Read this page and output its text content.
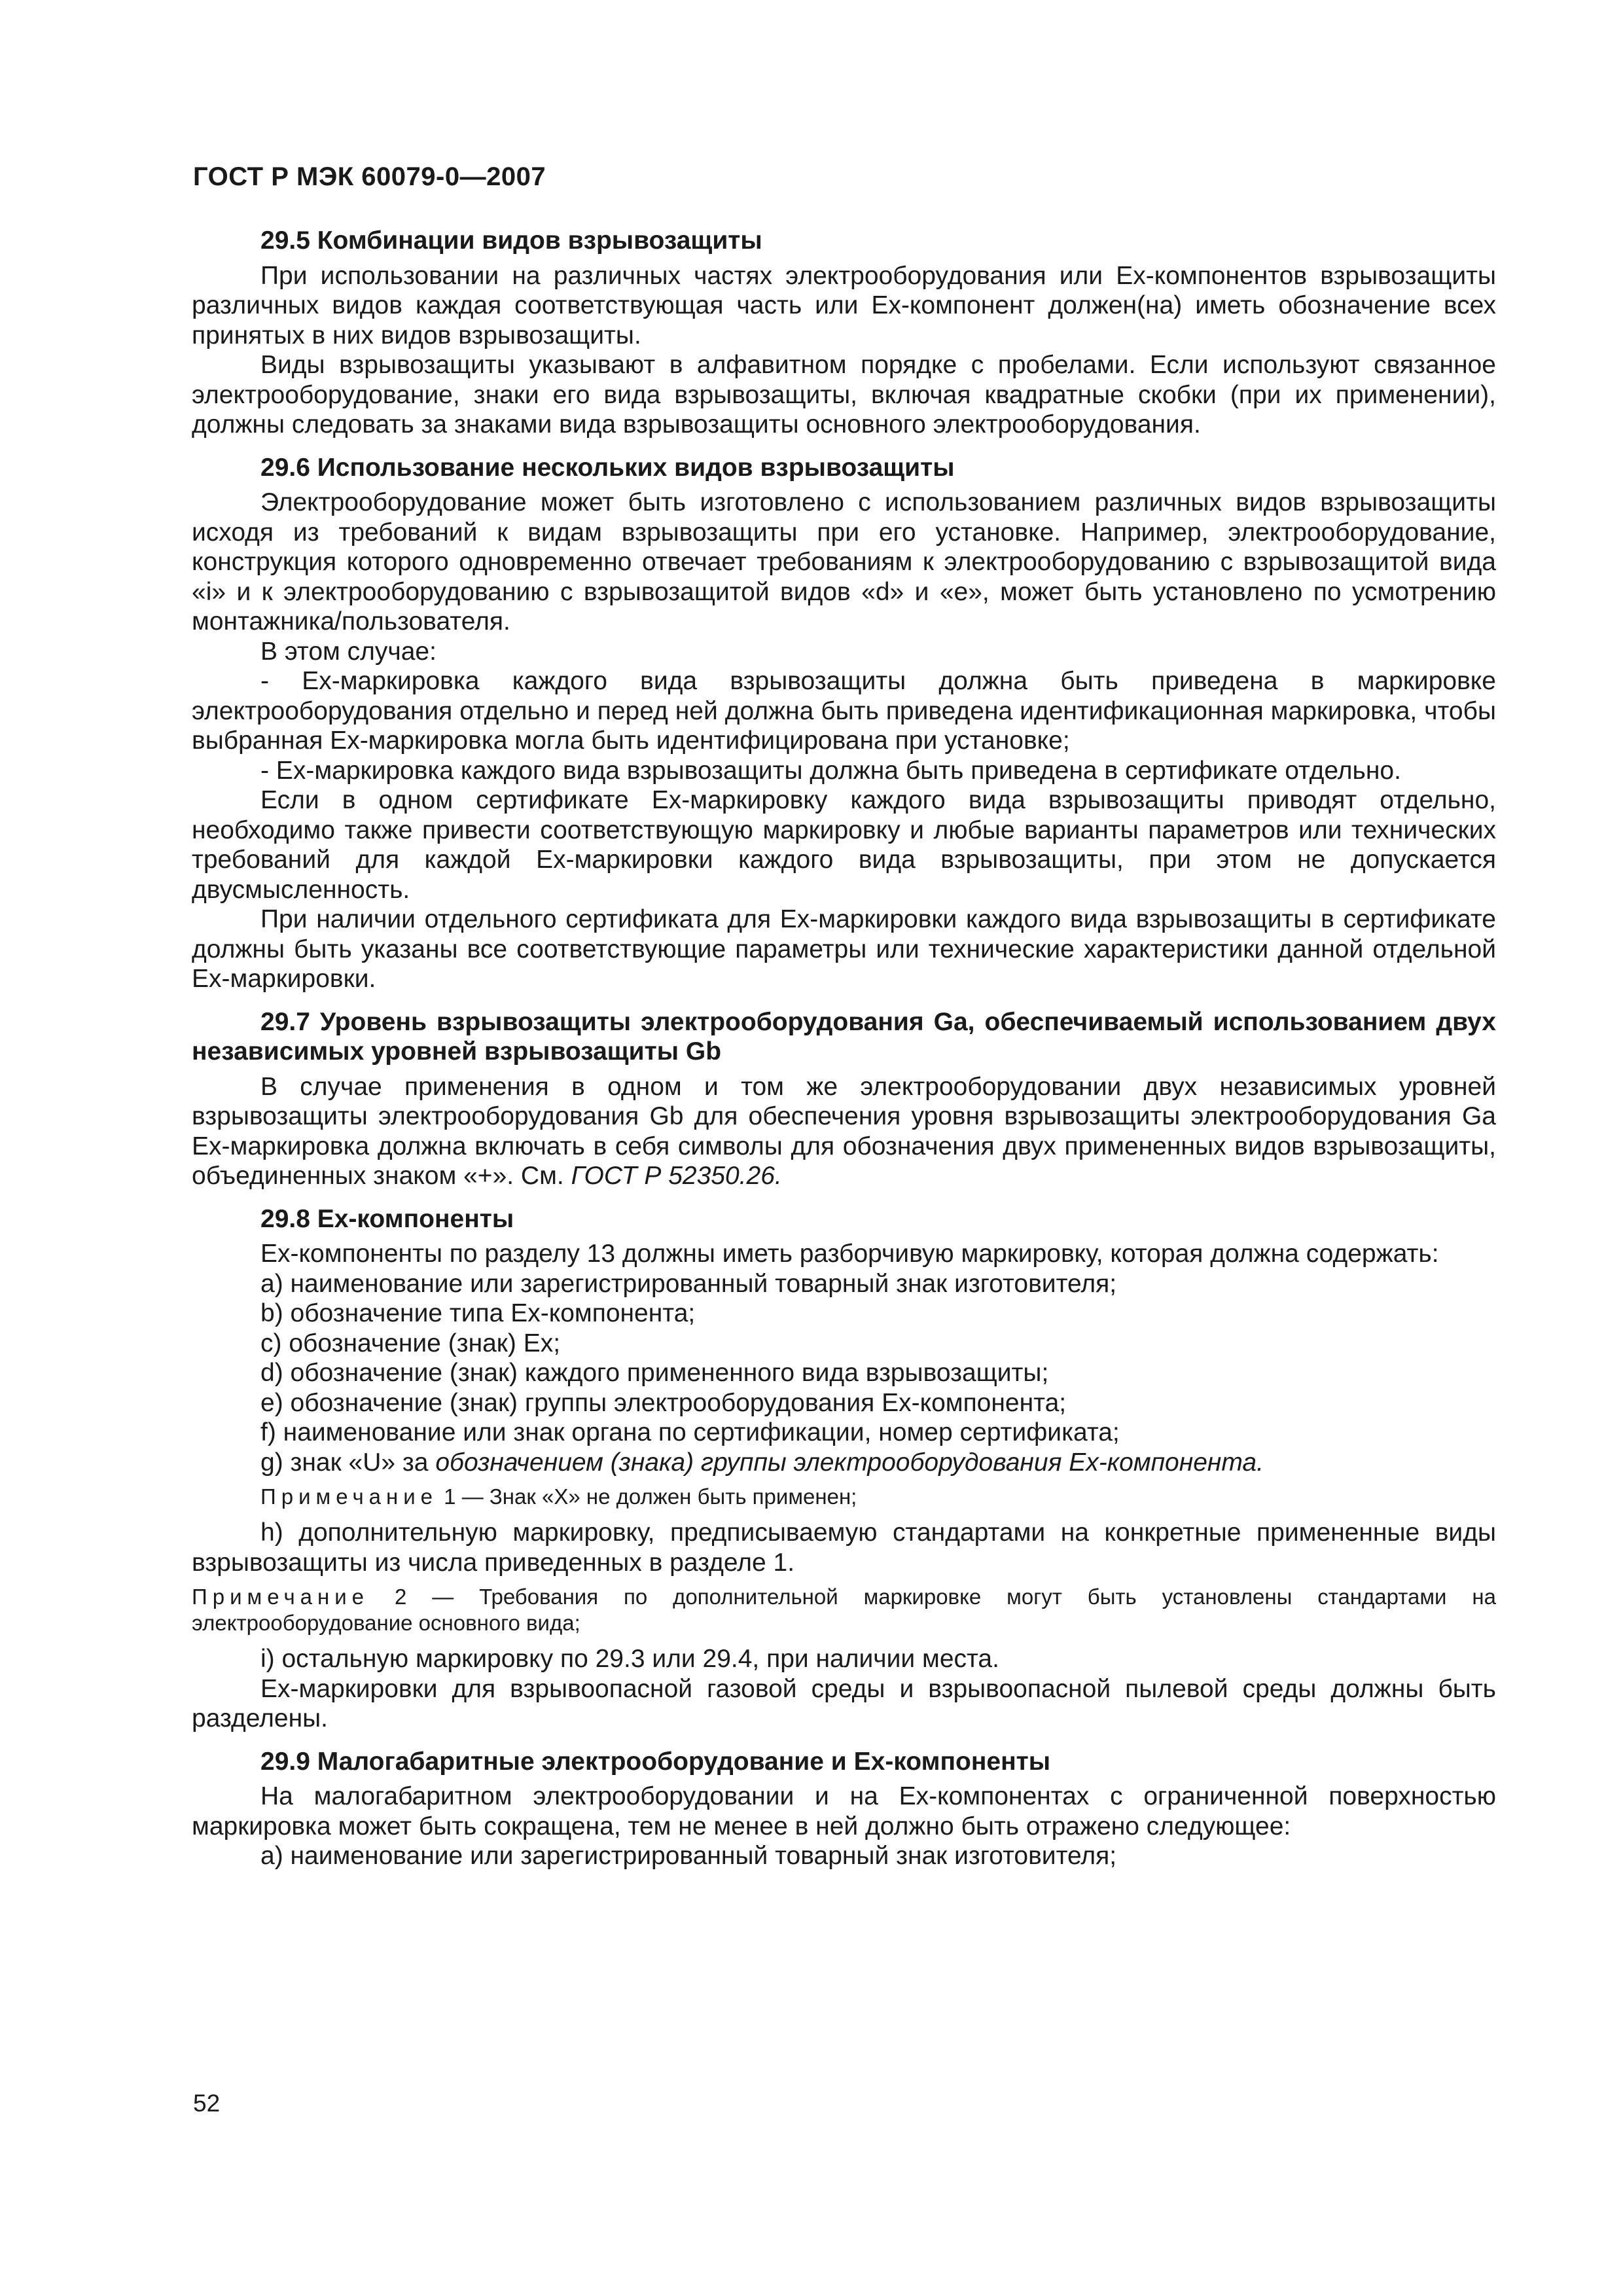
ГОСТ Р МЭК 60079-0—2007
29.5 Комбинации видов взрывозащиты

При использовании на различных частях электрооборудования или Ex-компонентов взрывозащиты различных видов каждая соответствующая часть или Ex-компонент должен(на) иметь обозначение всех принятых в них видов взрывозащиты.

Виды взрывозащиты указывают в алфавитном порядке с пробелами. Если используют связанное электрооборудование, знаки его вида взрывозащиты, включая квадратные скобки (при их применении), должны следовать за знаками вида взрывозащиты основного электрооборудования.

29.6 Использование нескольких видов взрывозащиты

Электрооборудование может быть изготовлено с использованием различных видов взрывозащиты исходя из требований к видам взрывозащиты при его установке. Например, электрооборудование, конструкция которого одновременно отвечает требованиям к электрооборудованию с взрывозащитой вида «i» и к электрооборудованию с взрывозащитой видов «d» и «e», может быть установлено по усмотрению монтажника/пользователя.

В этом случае:

- Ex-маркировка каждого вида взрывозащиты должна быть приведена в маркировке электрооборудования отдельно и перед ней должна быть приведена идентификационная маркировка, чтобы выбранная Ex-маркировка могла быть идентифицирована при установке;

- Ex-маркировка каждого вида взрывозащиты должна быть приведена в сертификате отдельно.

Если в одном сертификате Ex-маркировку каждого вида взрывозащиты приводят отдельно, необходимо также привести соответствующую маркировку и любые варианты параметров или технических требований для каждой Ex-маркировки каждого вида взрывозащиты, при этом не допускается двусмысленность.

При наличии отдельного сертификата для Ex-маркировки каждого вида взрывозащиты в сертификате должны быть указаны все соответствующие параметры или технические характеристики данной отдельной Ex-маркировки.

29.7 Уровень взрывозащиты электрооборудования Ga, обеспечиваемый использованием двух независимых уровней взрывозащиты Gb

В случае применения в одном и том же электрооборудовании двух независимых уровней взрывозащиты электрооборудования Gb для обеспечения уровня взрывозащиты электрооборудования Ga Ex-маркировка должна включать в себя символы для обозначения двух примененных видов взрывозащиты, объединенных знаком «+». См. ГОСТ Р 52350.26.

29.8 Ex-компоненты

Ex-компоненты по разделу 13 должны иметь разборчивую маркировку, которая должна содержать:

a) наименование или зарегистрированный товарный знак изготовителя;

b) обозначение типа Ex-компонента;

c) обозначение (знак) Ex;

d) обозначение (знак) каждого примененного вида взрывозащиты;

e) обозначение (знак) группы электрооборудования Ex-компонента;

f) наименование или знак органа по сертификации, номер сертификата;

g) знак «U» за обозначением (знака) группы электрооборудования Ex-компонента.

Примечание 1 — Знак «X» не должен быть применен;

h) дополнительную маркировку, предписываемую стандартами на конкретные примененные виды взрывозащиты из числа приведенных в разделе 1.

Примечание 2 — Требования по дополнительной маркировке могут быть установлены стандартами на электрооборудование основного вида;

i) остальную маркировку по 29.3 или 29.4, при наличии места.

Ex-маркировки для взрывоопасной газовой среды и взрывоопасной пылевой среды должны быть разделены.

29.9 Малогабаритные электрооборудование и Ex-компоненты

На малогабаритном электрооборудовании и на Ex-компонентах с ограниченной поверхностью маркировка может быть сокращена, тем не менее в ней должно быть отражено следующее:

a) наименование или зарегистрированный товарный знак изготовителя;

52
